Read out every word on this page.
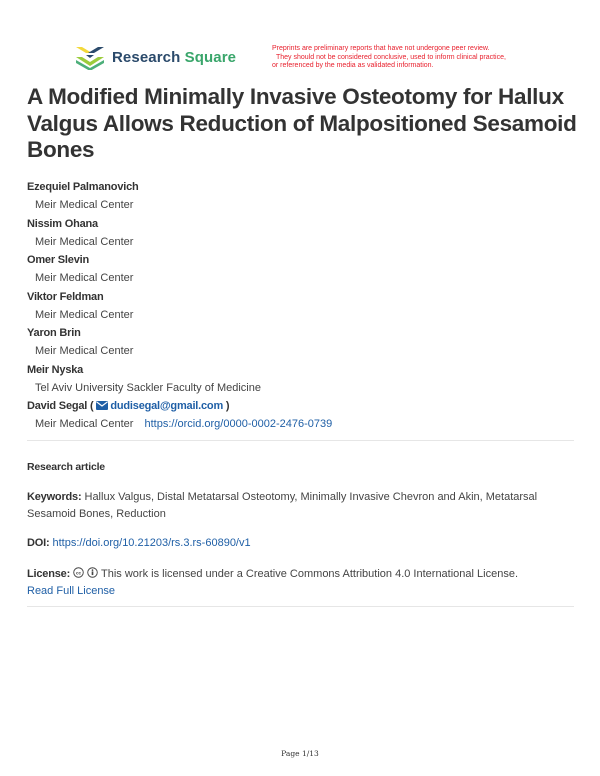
Research Square	Preprints are preliminary reports that have not undergone peer review.
They should not be considered conclusive, used to inform clinical practice,
or referenced by the media as validated information.
A Modified Minimally Invasive Osteotomy for Hallux Valgus Allows Reduction of Malpositioned Sesamoid Bones
Ezequiel Palmanovich
Meir Medical Center
Nissim Ohana
Meir Medical Center
Omer Slevin
Meir Medical Center
Viktor Feldman
Meir Medical Center
Yaron Brin
Meir Medical Center
Meir Nyska
Tel Aviv University Sackler Faculty of Medicine
David Segal ( dudisegal@gmail.com )
Meir Medical Center https://orcid.org/0000-0002-2476-0739
Research article
Keywords: Hallux Valgus, Distal Metatarsal Osteotomy, Minimally Invasive Chevron and Akin, Metatarsal Sesamoid Bones, Reduction
DOI: https://doi.org/10.21203/rs.3.rs-60890/v1
License: cc This work is licensed under a Creative Commons Attribution 4.0 International License.
Read Full License
Page 1/13
